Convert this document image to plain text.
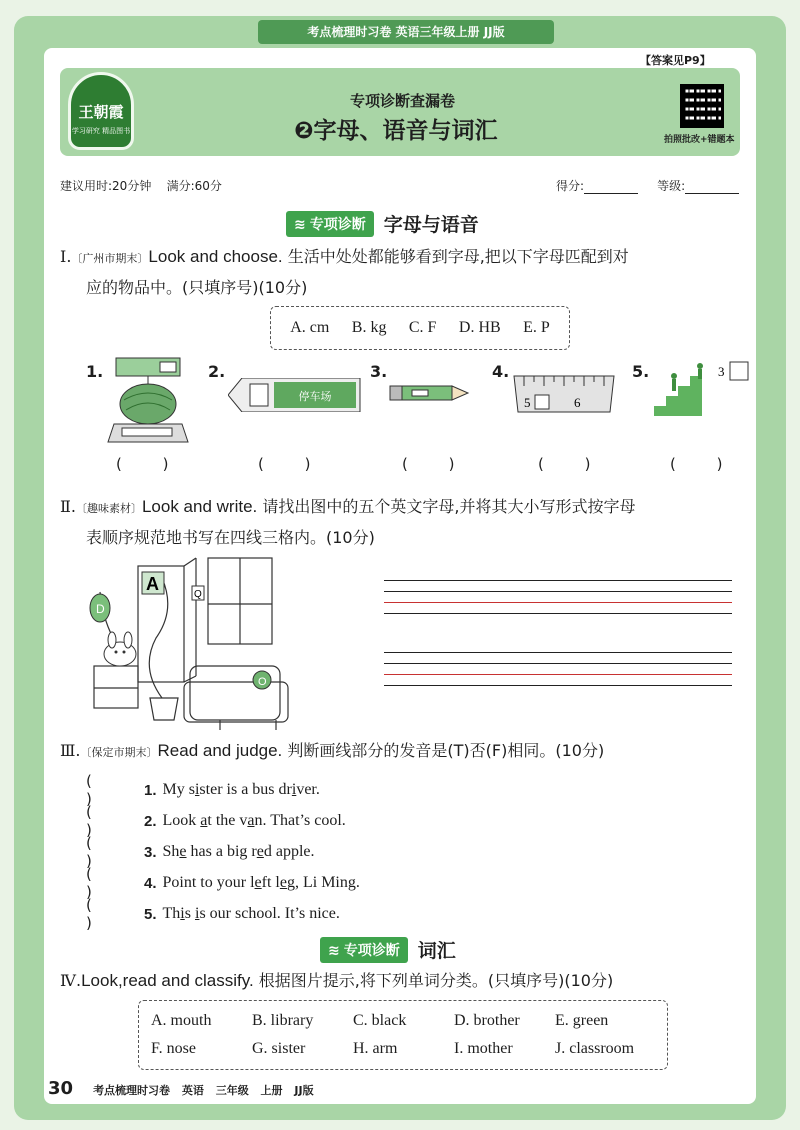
考点梳理时习卷 英语三年级上册 JJ版
【答案见P9】
王朝霞
学习研究 精品图书
专项诊断查漏卷
❷字母、语音与词汇	拍照批改+错题本
建议用时:20分钟 满分:60分	得分:	等级:
≋ 专项诊断 字母与语音
Ⅰ.〔广州市期末〕Look and choose. 生活中处处都能够看到字母,把以下字母匹配到对
应的物品中。(只填序号)(10分)
A. cm B. kg C. F D. HB E. P
1.
( )
2.
停车场
( )
3.
( )
4.
5	6
( )
5.	3
( )
Ⅱ.〔趣味素材〕Look and write. 请找出图中的五个英文字母,并将其大小写形式按字母
表顺序规范地书写在四线三格内。(10分)
D
A
Q
O
Ⅲ.〔保定市期末〕Read and judge. 判断画线部分的发音是(T)否(F)相同。(10分)
( )	1. My sister is a bus driver.
( )	2. Look at the van. That’s cool.
( )	3. She has a big red apple.
( )	4. Point to your left leg, Li Ming.
( )	5. This is our school. It’s nice.
≋ 专项诊断 词汇
Ⅳ.Look,read and classify. 根据图片提示,将下列单词分类。(只填序号)(10分)
A. mouth	B. library	C. black	D. brother	E. green
F. nose	G. sister	H. arm	I. mother	J. classroom
30 考点梳理时习卷 英语 三年级 上册 JJ版
